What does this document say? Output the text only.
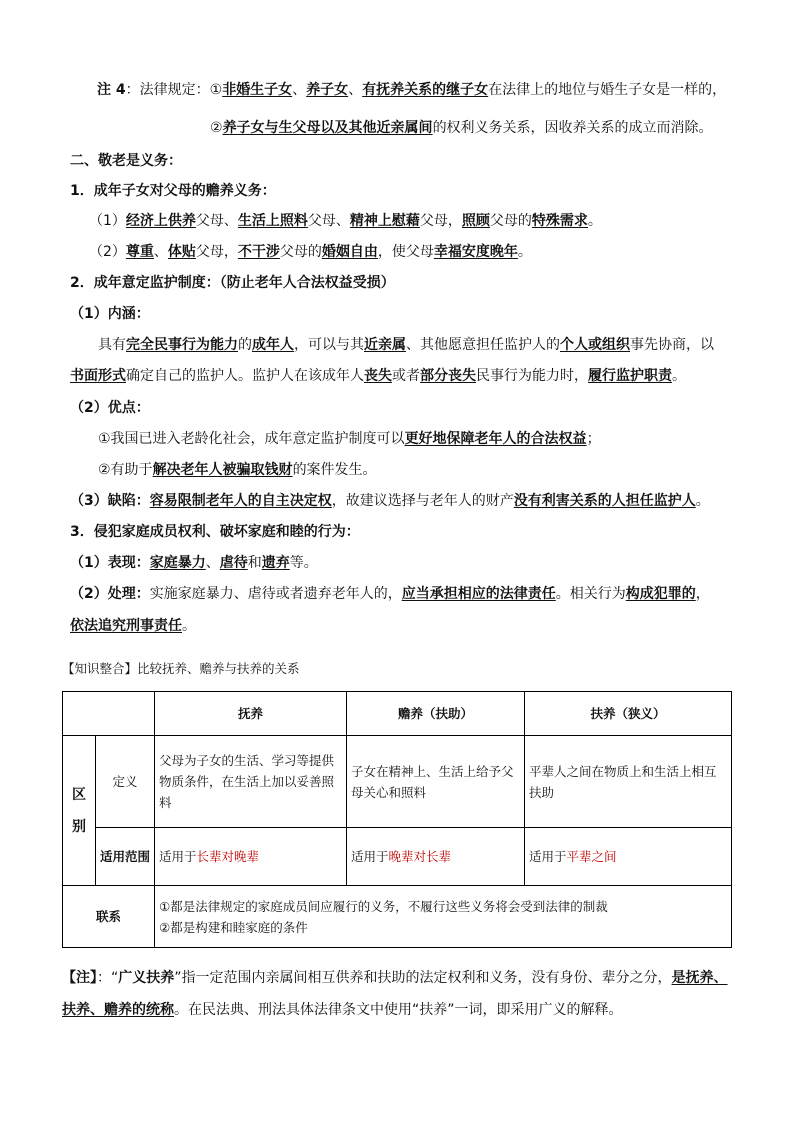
注 4：法律规定：①非婚生子女、养子女、有抚养关系的继子女在法律上的地位与婚生子女是一样的，
②养子女与生父母以及其他近亲属间的权利义务关系，因收养关系的成立而消除。
二、敬老是义务：
1．成年子女对父母的赡养义务：
（1）经济上供养父母、生活上照料父母、精神上慰藉父母，照顾父母的特殊需求。
（2）尊重、体贴父母，不干涉父母的婚姻自由，使父母幸福安度晚年。
2．成年意定监护制度：（防止老年人合法权益受损）
（1）内涵：
具有完全民事行为能力的成年人，可以与其近亲属、其他愿意担任监护人的个人或组织事先协商，以
书面形式确定自己的监护人。监护人在该成年人丧失或者部分丧失民事行为能力时，履行监护职责。
（2）优点：
①我国已进入老龄化社会，成年意定监护制度可以更好地保障老年人的合法权益；
②有助于解决老年人被骗取钱财的案件发生。
（3）缺陷：容易限制老年人的自主决定权，故建议选择与老年人的财产没有利害关系的人担任监护人。
3．侵犯家庭成员权利、破坏家庭和睦的行为：
（1）表现：家庭暴力、虐待和遗弃等。
（2）处理：实施家庭暴力、虐待或者遗弃老年人的，应当承担相应的法律责任。相关行为构成犯罪的，
依法追究刑事责任。
【知识整合】比较抚养、赡养与扶养的关系
		抚养	赡养（扶助）	扶养（狭义）
区别	定义	父母为子女的生活、学习等提供物质条件，在生活上加以妥善照料	子女在精神上、生活上给予父母关心和照料	平辈人之间在物质上和生活上相互扶助
	适用范围	适用于长辈对晚辈	适用于晚辈对长辈	适用于平辈之间
联系		①都是法律规定的家庭成员间应履行的义务，不履行这些义务将会受到法律的制裁
②都是构建和睦家庭的条件		
【注】：“广义扶养”指一定范围内亲属间相互供养和扶助的法定权利和义务，没有身份、辈分之分，是抚养、
扶养、赡养的统称。在民法典、刑法具体法律条文中使用“扶养”一词，即采用广义的解释。
